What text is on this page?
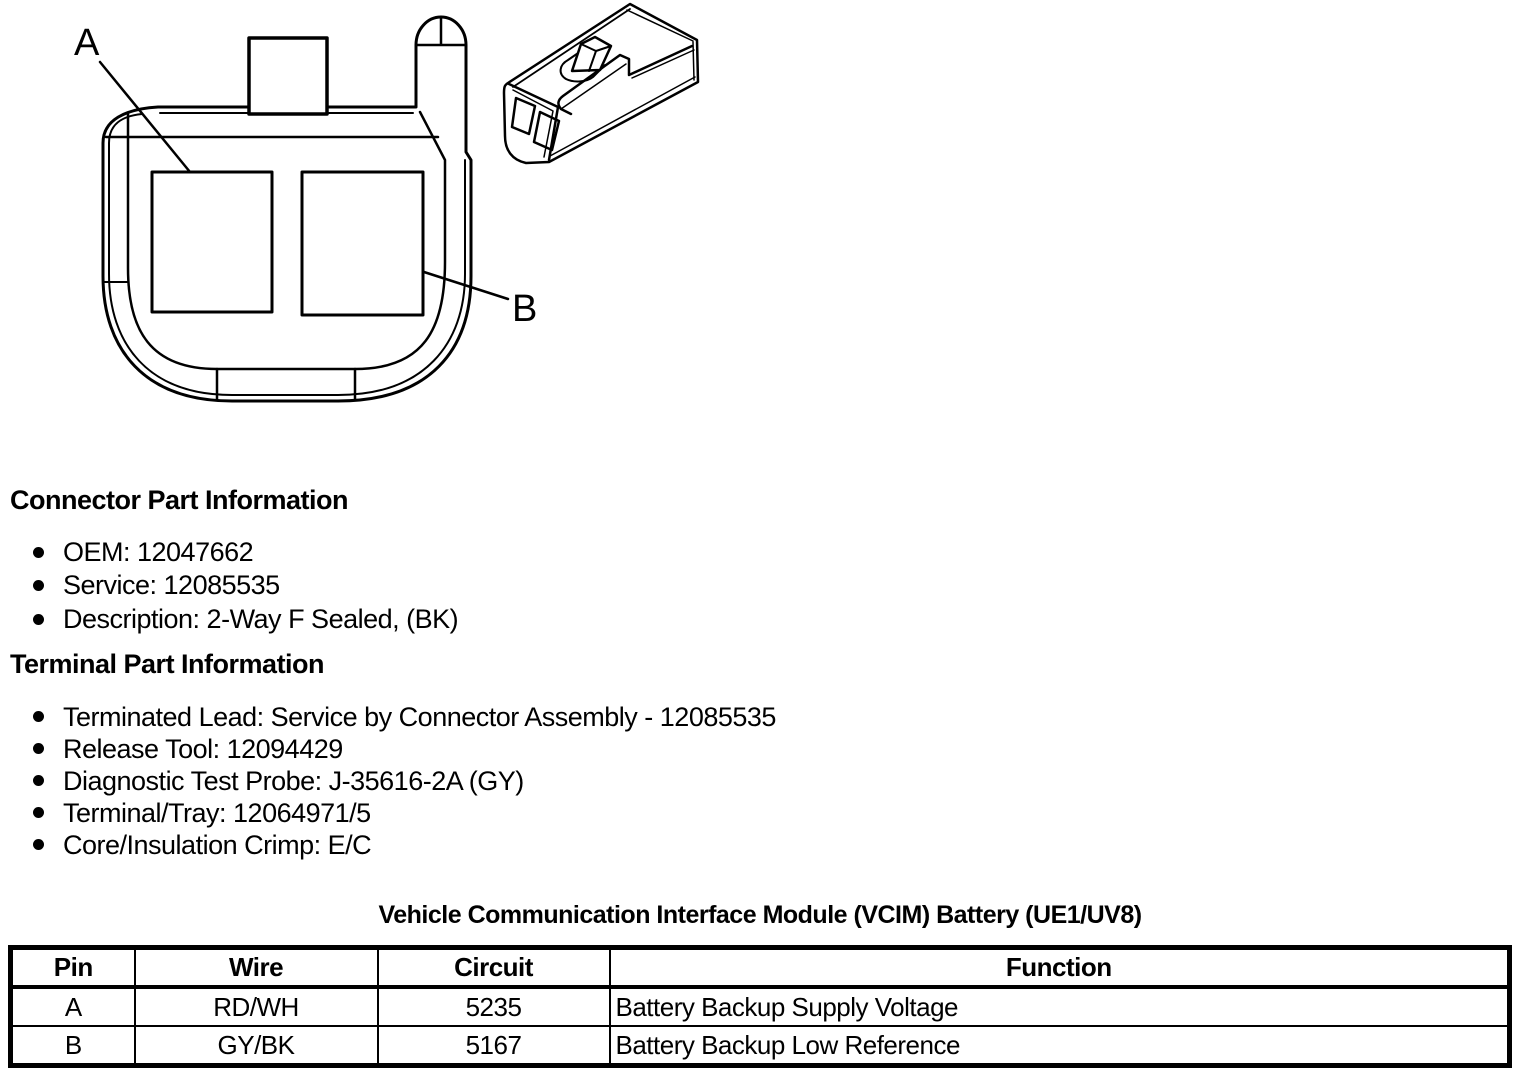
A
B
Connector Part Information
OEM: 12047662
Service: 12085535
Description: 2-Way F Sealed, (BK)
Terminal Part Information
Terminated Lead: Service by Connector Assembly - 12085535
Release Tool: 12094429
Diagnostic Test Probe: J-35616-2A (GY)
Terminal/Tray: 12064971/5
Core/Insulation Crimp: E/C
Vehicle Communication Interface Module (VCIM) Battery (UE1/UV8)
Pin	Wire	Circuit	Function
A	RD/WH	5235	Battery Backup Supply Voltage
B	GY/BK	5167	Battery Backup Low Reference
